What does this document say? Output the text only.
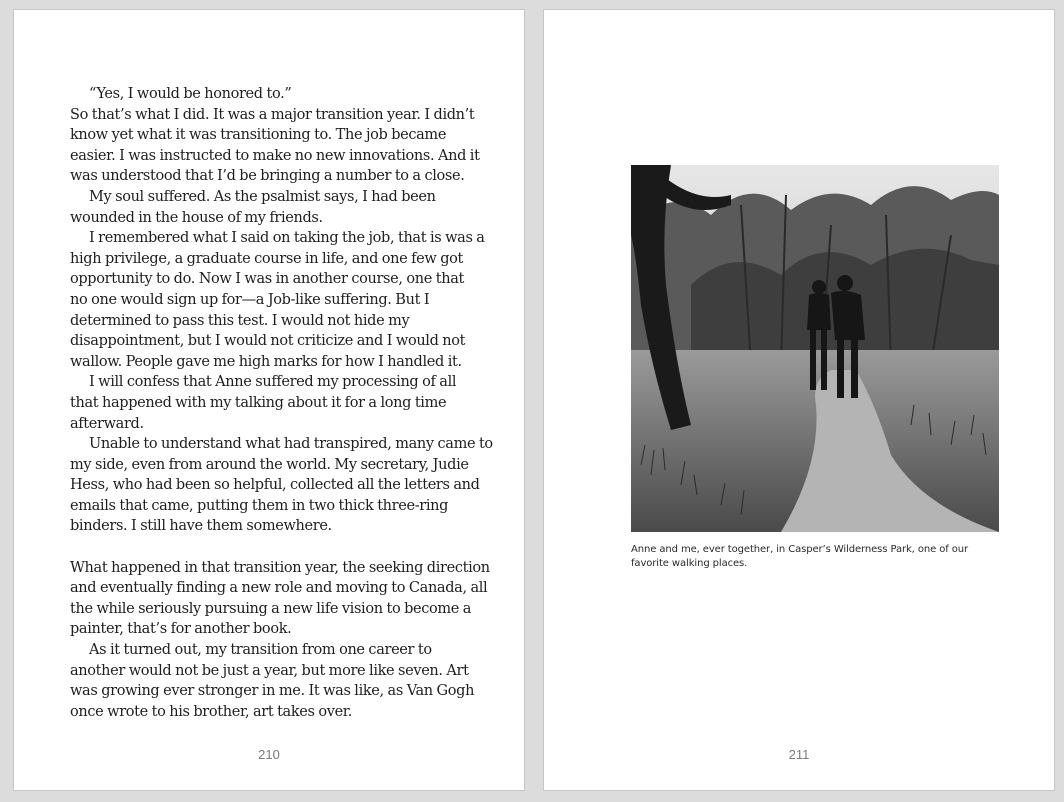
“Yes, I would be honored to.”
So that’s what I did. It was a major transition year. I didn’t
know yet what it was transitioning to. The job became
easier. I was instructed to make no new innovations. And it
was understood that I’d be bringing a number to a close.
My soul suffered. As the psalmist says, I had been
wounded in the house of my friends.
I remembered what I said on taking the job, that is was a
high privilege, a graduate course in life, and one few got
opportunity to do. Now I was in another course, one that
no one would sign up for—a Job-like suffering. But I
determined to pass this test. I would not hide my
disappointment, but I would not criticize and I would not
wallow. People gave me high marks for how I handled it.
I will confess that Anne suffered my processing of all
that happened with my talking about it for a long time
afterward.
Unable to understand what had transpired, many came to
my side, even from around the world. My secretary, Judie
Hess, who had been so helpful, collected all the letters and
emails that came, putting them in two thick three-ring
binders. I still have them somewhere.
What happened in that transition year, the seeking direction
and eventually finding a new role and moving to Canada, all
the while seriously pursuing a new life vision to become a
painter, that’s for another book.
As it turned out, my transition from one career to
another would not be just a year, but more like seven. Art
was growing ever stronger in me. It was like, as Van Gogh
once wrote to his brother, art takes over.
210
Anne and me, ever together, in Casper’s Wilderness Park, one of our
favorite walking places.
211
